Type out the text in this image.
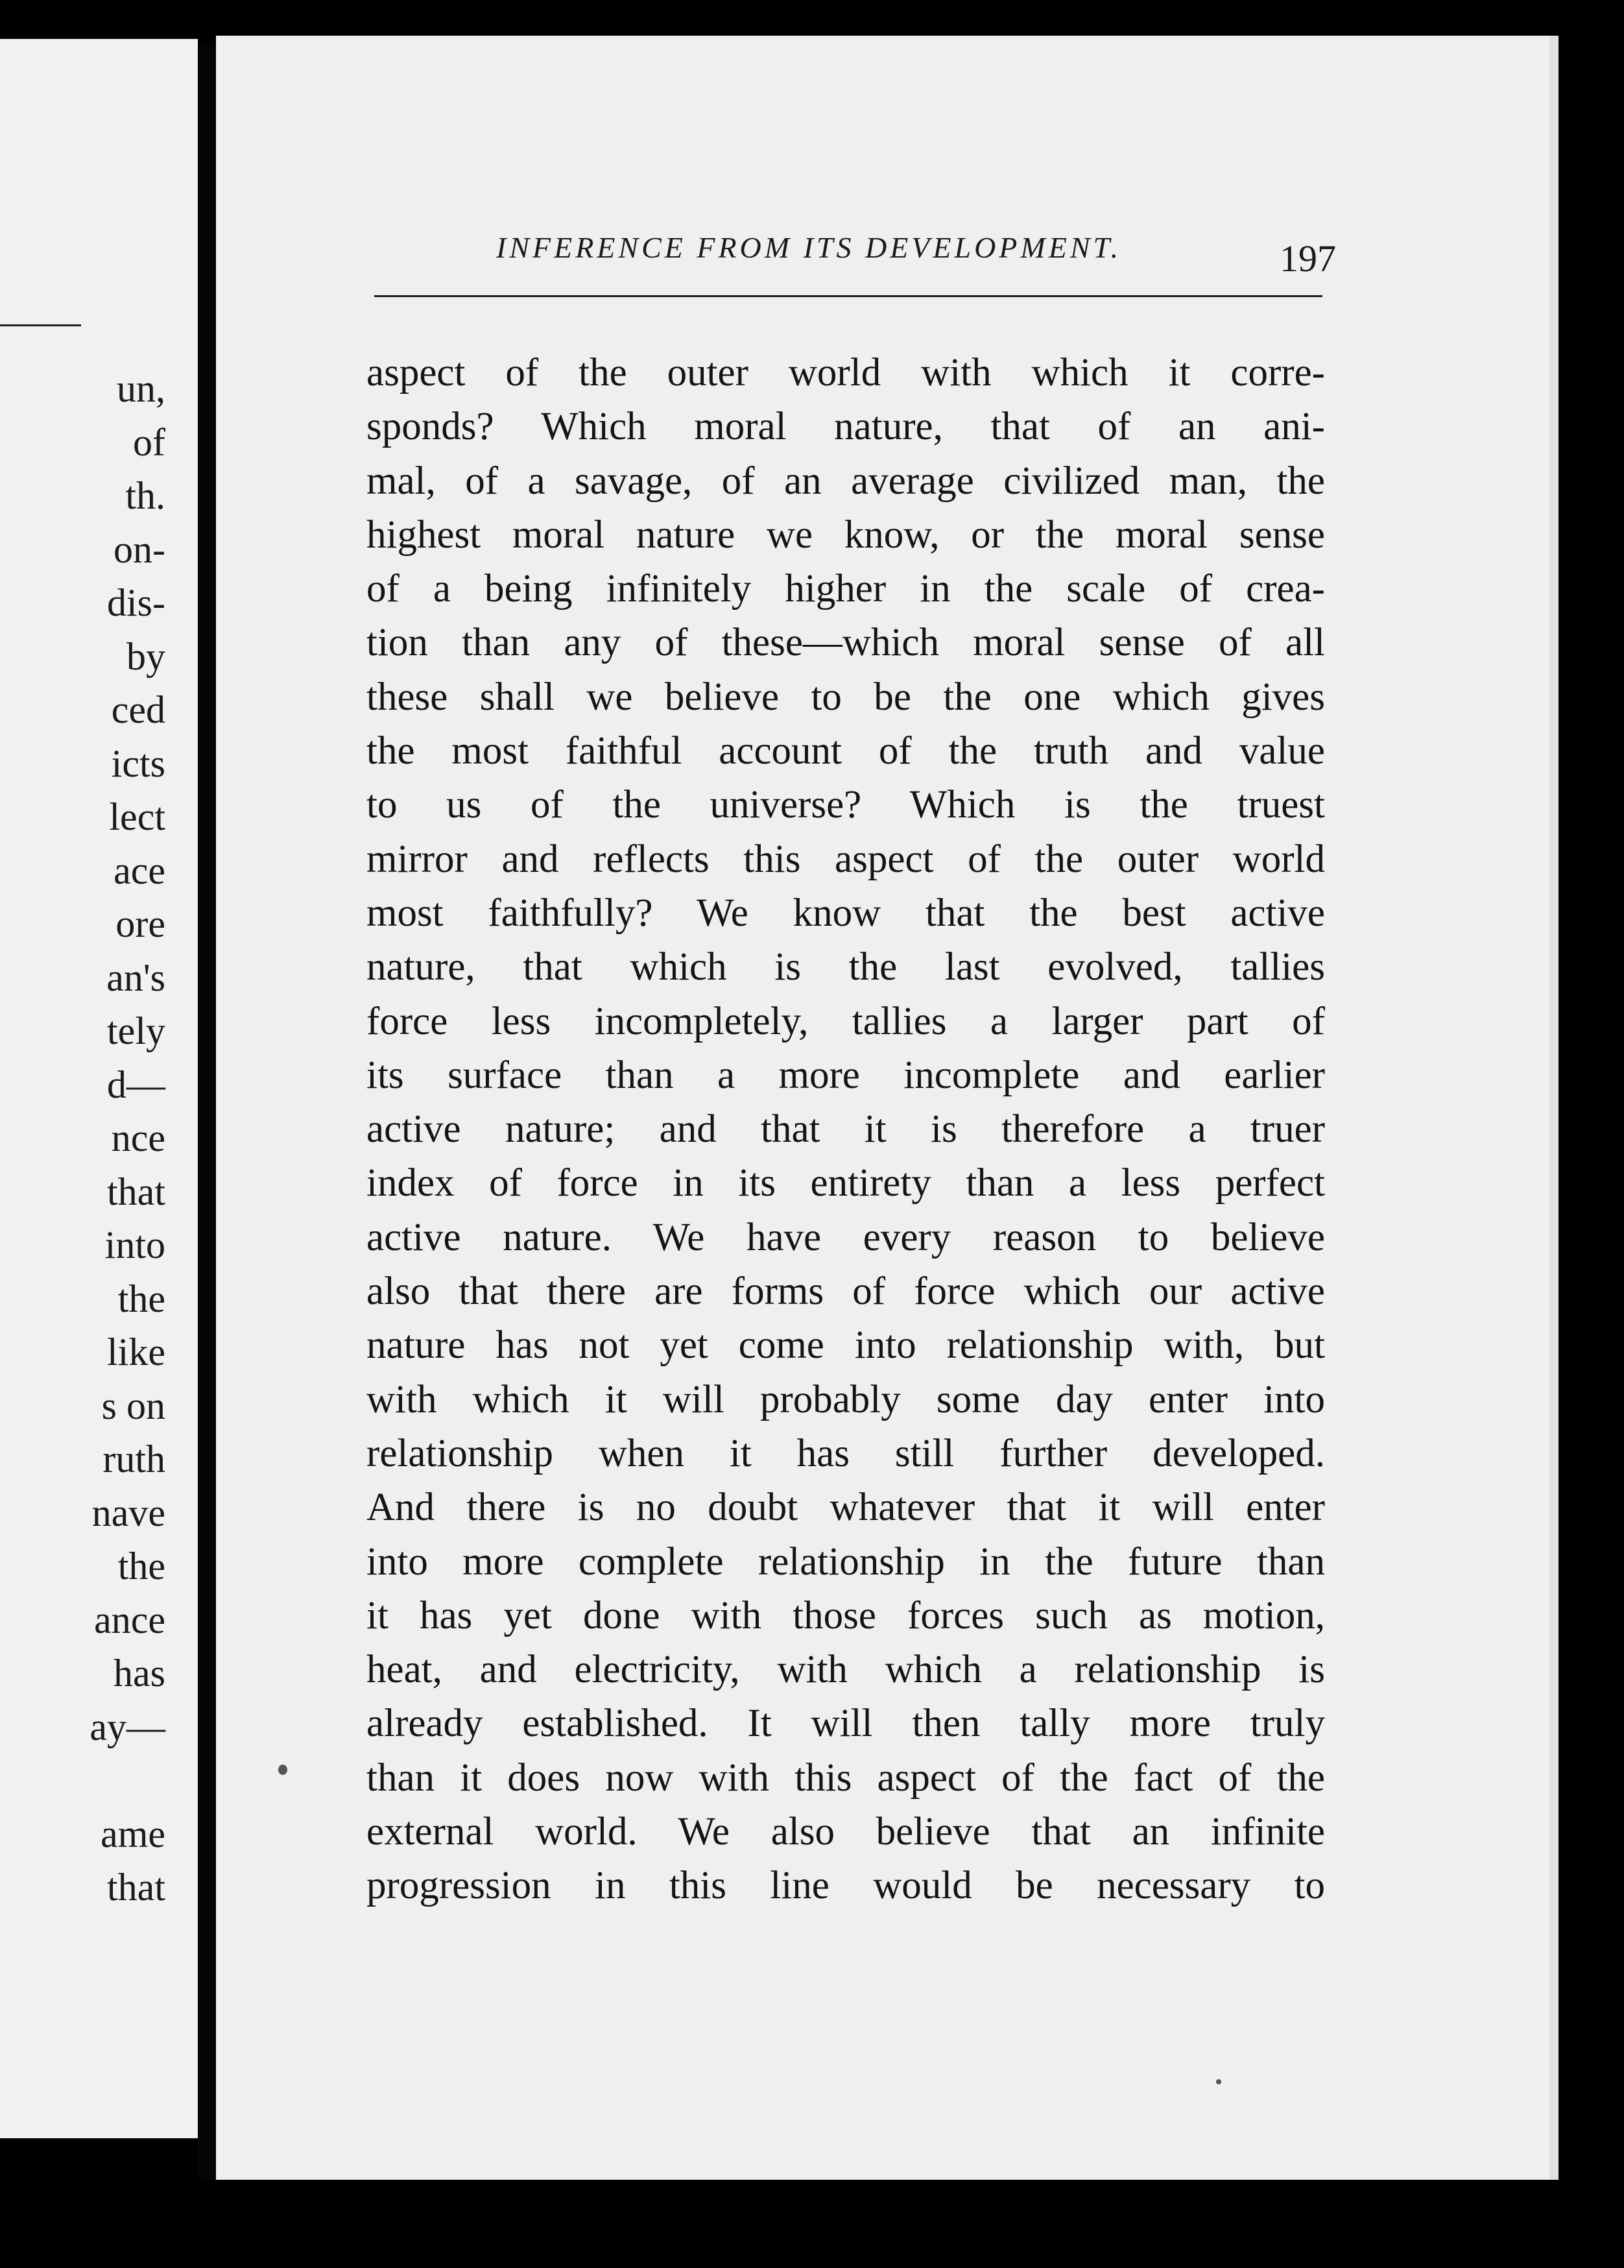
un,
of
th.
on-
dis-
by
ced
icts
lect
ace
ore
an's
tely
d—
nce
that
into
the
like
s on
ruth
nave
the
ance
has
ay—
ame
that
INFERENCE FROM ITS DEVELOPMENT.	197
aspect of the outer world with which it corre-
sponds? Which moral nature, that of an ani-
mal, of a savage, of an average civilized man, the
highest moral nature we know, or the moral sense
of a being infinitely higher in the scale of crea-
tion than any of these—which moral sense of all
these shall we believe to be the one which gives
the most faithful account of the truth and value
to us of the universe? Which is the truest
mirror and reflects this aspect of the outer world
most faithfully? We know that the best active
nature, that which is the last evolved, tallies
force less incompletely, tallies a larger part of
its surface than a more incomplete and earlier
active nature; and that it is therefore a truer
index of force in its entirety than a less perfect
active nature. We have every reason to believe
also that there are forms of force which our active
nature has not yet come into relationship with, but
with which it will probably some day enter into
relationship when it has still further developed.
And there is no doubt whatever that it will enter
into more complete relationship in the future than
it has yet done with those forces such as motion,
heat, and electricity, with which a relationship is
already established. It will then tally more truly
than it does now with this aspect of the fact of the
external world. We also believe that an infinite
progression in this line would be necessary to
